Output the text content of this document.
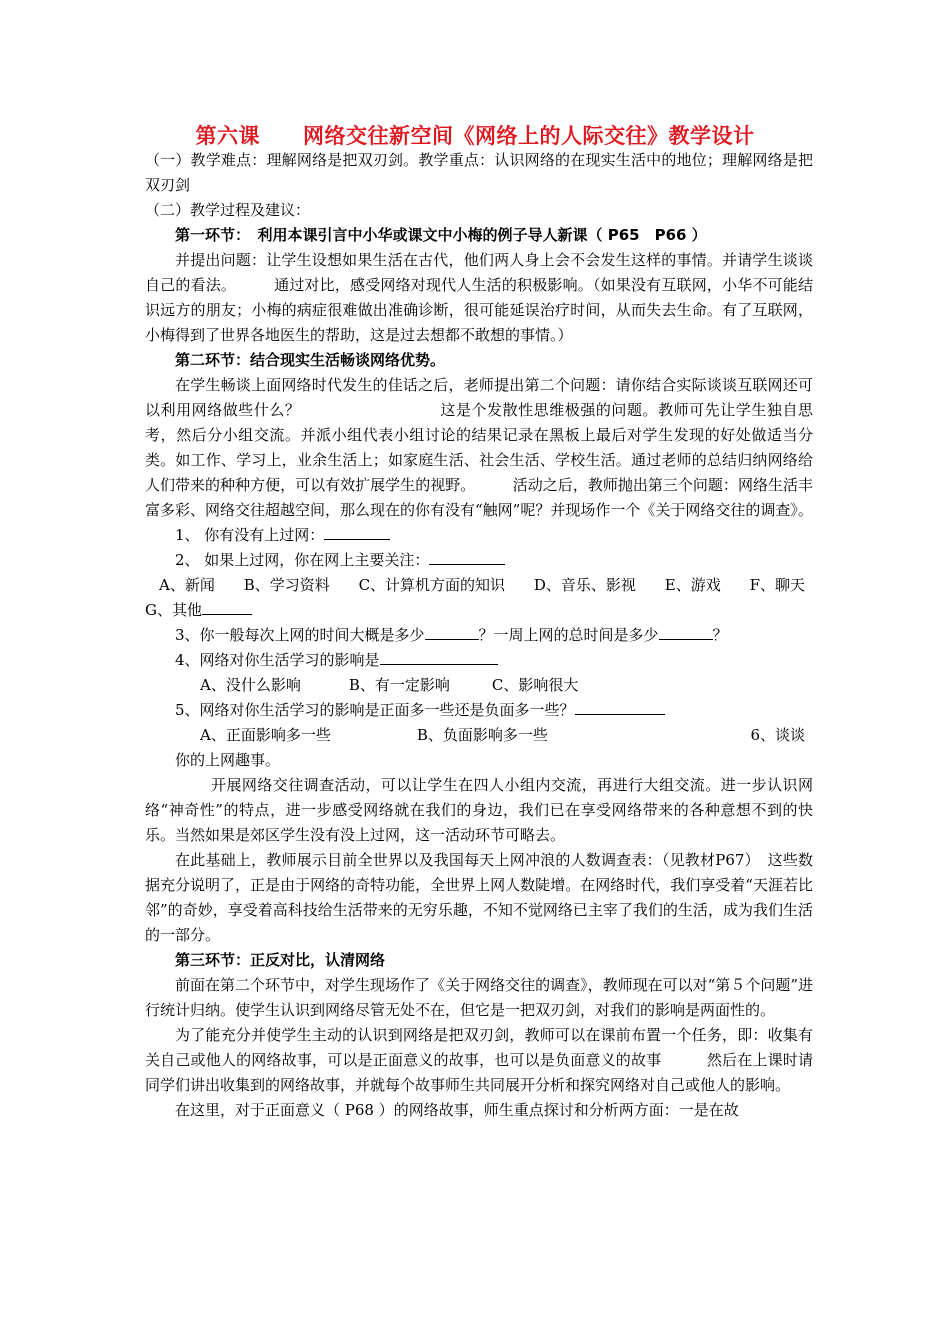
第六课　　网络交往新空间《网络上的人际交往》教学设计

（一）教学难点：理解网络是把双刃剑。教学重点：认识网络的在现实生活中的地位；理解网络是把双刃剑

（二）教学过程及建议：

第一环节：　利用本课引言中小华或课文中小梅的例子导人新课（ P65　P66 ）

并提出问题：让学生设想如果生活在古代，他们两人身上会不会发生这样的事情。并请学生谈谈自己的看法。　　　通过对比，感受网络对现代人生活的积极影响。（如果没有互联网，小华不可能结识远方的朋友；小梅的病症很难做出准确诊断，很可能延误治疗时间，从而失去生命。有了互联网，小梅得到了世界各地医生的帮助，这是过去想都不敢想的事情。）

第二环节：结合现实生活畅谈网络优势。

在学生畅谈上面网络时代发生的佳话之后，老师提出第二个问题：请你结合实际谈谈互联网还可以利用网络做些什么？　　　　　　　　　这是个发散性思维极强的问题。教师可先让学生独自思考，然后分小组交流。并派小组代表小组讨论的结果记录在黑板上最后对学生发现的好处做适当分类。如工作、学习上，业余生活上；如家庭生活、社会生活、学校生活。通过老师的总结归纳网络给人们带来的种种方便，可以有效扩展学生的视野。　　　活动之后，教师抛出第三个问题：网络生活丰富多彩、网络交往超越空间，那么现在的你有没有“触网”呢？并现场作一个《关于网络交往的调查》。

1、 你有没有上过网：

2、 如果上过网，你在网上主要关注：

A、新闻 B、学习资料 C、计算机方面的知识 D、音乐、影视 E、游戏 F、聊天

G、其他

3、你一般每次上网的时间大概是多少	？一周上网的总时间是多少	？

4、网络对你生活学习的影响是

A、没什么影响	B、有一定影响	C、影响很大

5、网络对你生活学习的影响是正面多一些还是负面多一些？

A、正面影响多一些	B、负面影响多一些	6、谈谈

你的上网趣事。

开展网络交往调查活动，可以让学生在四人小组内交流，再进行大组交流。进一步认识网络“神奇性”的特点，进一步感受网络就在我们的身边，我们已在享受网络带来的各种意想不到的快乐。当然如果是郊区学生没有没上过网，这一活动环节可略去。

在此基础上，教师展示目前全世界以及我国每天上网冲浪的人数调查表：（见教材P67）　这些数据充分说明了，正是由于网络的奇特功能，全世界上网人数陡增。在网络时代，我们享受着“天涯若比邻”的奇妙，享受着高科技给生活带来的无穷乐趣，不知不觉网络已主宰了我们的生活，成为我们生活的一部分。

第三环节：正反对比，认清网络

前面在第二个环节中，对学生现场作了《关于网络交往的调查》，教师现在可以对“第５个问题”进行统计归纳。使学生认识到网络尽管无处不在，但它是一把双刃剑，对我们的影响是两面性的。

为了能充分并使学生主动的认识到网络是把双刃剑，教师可以在课前布置一个任务，即：收集有关自己或他人的网络故事，可以是正面意义的故事，也可以是负面意义的故事　　　然后在上课时请同学们讲出收集到的网络故事，并就每个故事师生共同展开分析和探究网络对自己或他人的影响。

在这里，对于正面意义（ P68 ）的网络故事，师生重点探讨和分析两方面：一是在故
